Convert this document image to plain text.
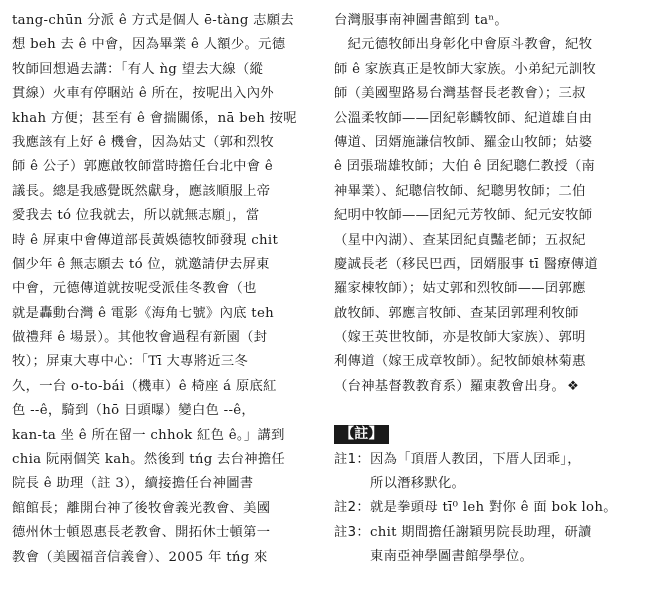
tang-chūn 分派 ê 方式是個人 ē-tàng 志願去
想 beh 去 ê 中會，因為畢業 ê 人額少。元德
牧師回想過去講：「有人 ǹg 望去大線（縱
貫線）火車有停睏站 ê 所在，按呢出入內外
khah 方便；甚至有 ê 會揣關係，nā beh 按呢
我應該有上好 ê 機會，因為姑丈（郭和烈牧
師 ê 公子）郭應啟牧師當時擔任台北中會 ê
議長。總是我感覺既然獻身，應該順服上帝
愛我去 tó 位我就去，所以就無志願」，當
時 ê 屏東中會傳道部長黃娛德牧師發現 chit
個少年 ê 無志願去 tó 位，就邀請伊去屏東
中會，元德傳道就按呢受派佳冬教會（也
就是轟動台灣 ê 電影《海角七號》內底 teh
做禮拜 ê 場景）。其他牧會過程有新園（封
牧）；屏東大專中心：「Tī 大專將近三冬
久，一台 o-to-bái（機車）ê 椅座 á 原底紅
色 --ê，騎到（hō 日頭曝）變白色 --ê，
kan-ta 坐 ê 所在留一 chhok 紅色 ê。」講到
chia 阮兩個笑 kah。然後到 tńg 去台神擔任
院長 ê 助理（註 3），續接擔任台神圖書
館館長；離開台神了後牧會義光教會、美國
德州休士頓恩惠長老教會、開拓休士頓第一
教會（美國福音信義會）、2005 年 tńg 來
台灣服事南神圖書館到 taⁿ。
　紀元德牧師出身彰化中會原斗教會，紀牧
師 ê 家族真正是牧師大家族。小弟紀元訓牧
師（美國聖路易台灣基督長老教會）；三叔
公溫柔牧師——囝紀彰麟牧師、紀道雄自由
傳道、囝婿施謙信牧師、羅金山牧師；姑婆
ê 囝張瑞雄牧師；大伯 ê 囝紀聰仁教授（南
神畢業）、紀聰信牧師、紀聰男牧師；二伯
紀明中牧師——囝紀元芳牧師、紀元安牧師
（星中內湖）、查某囝紀貞豔老師；五叔紀
慶誠長老（移民巴西，囝婿服事 tī 醫療傳道
羅家棟牧師）；姑丈郭和烈牧師——囝郭應
啟牧師、郭應言牧師、查某囝郭理利牧師
（嫁王英世牧師，亦是牧師大家族）、郭明
利傳道（嫁王成章牧師）。紀牧師娘林菊惠
（台神基督教教育系）羅東教會出身。 ❖
【註】
註1：因為「頂厝人教囝，下厝人囝乖」，
所以潛移默化。
註2：就是拳頭母 tī⁰ leh 對你 ê 面 bok loh。
註3：chit 期間擔任謝穎男院長助理，研讀
東南亞神學圖書館學學位。
